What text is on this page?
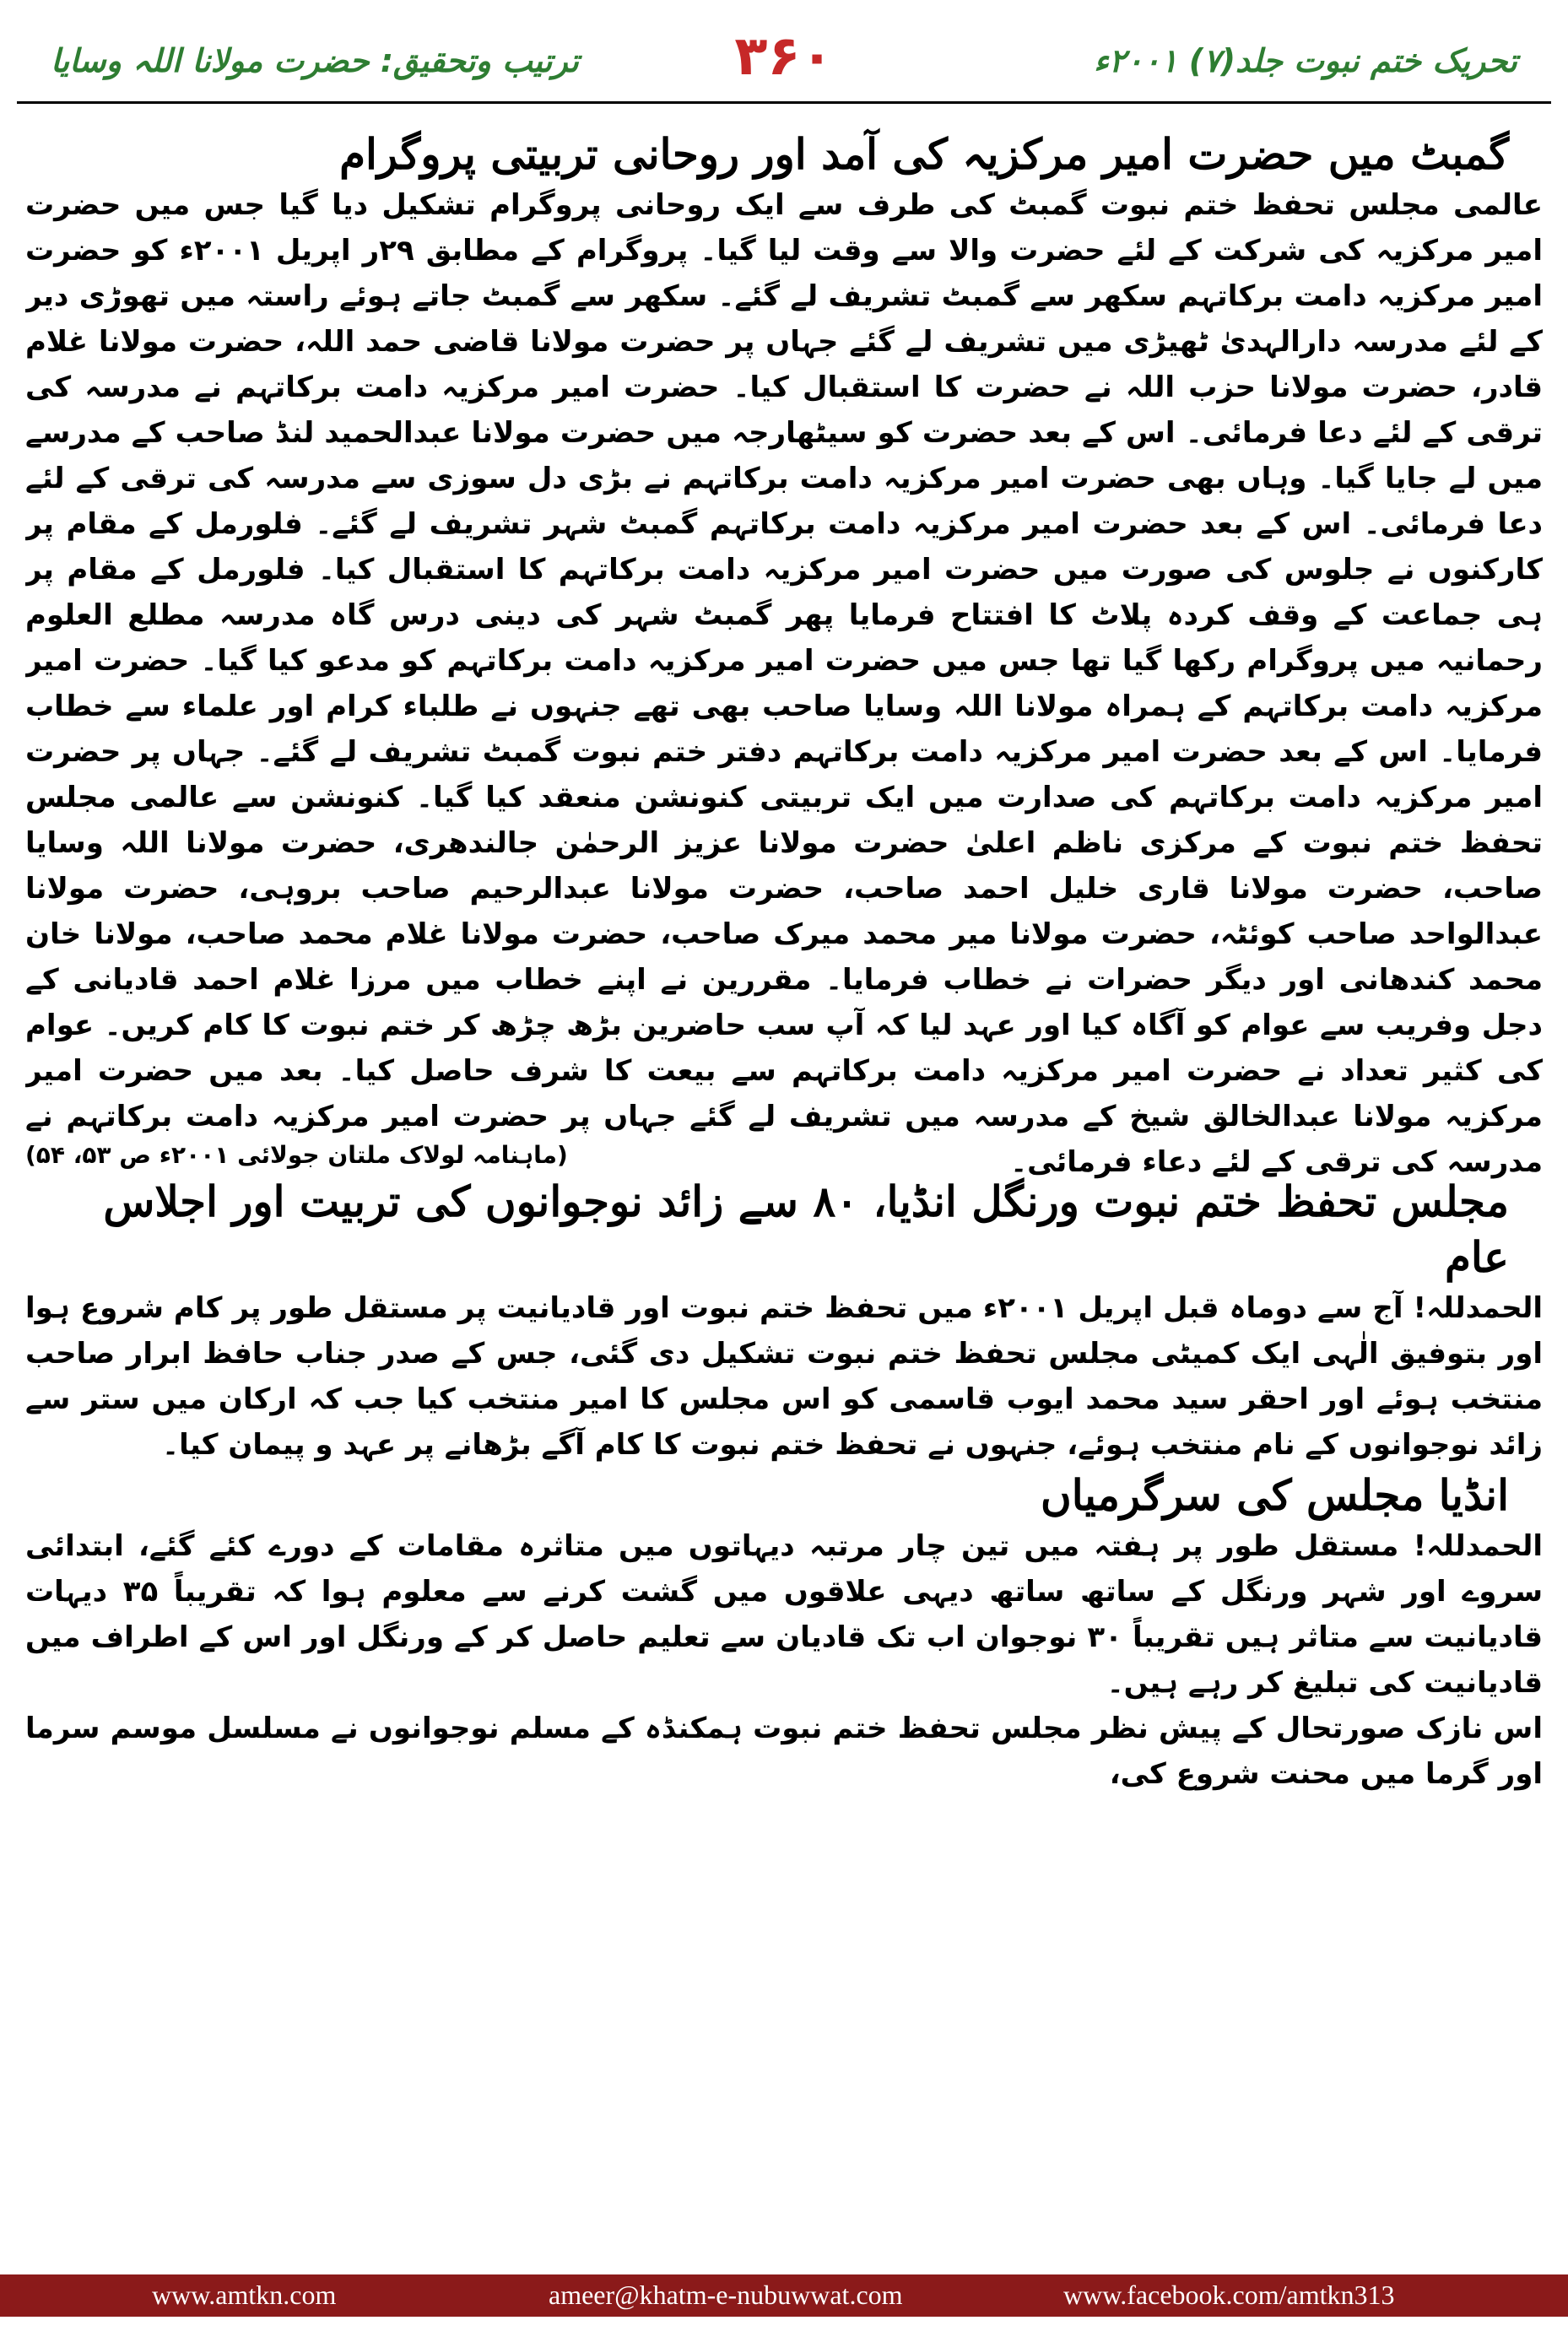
ترتیب وتحقیق: حضرت مولانا اللہ وسایا	۳۶۰	تحریک ختم نبوت جلد(۷) ۲۰۰۱ء
گمبٹ میں حضرت امیر مرکزیہ کی آمد اور روحانی تربیتی پروگرام

عالمی مجلس تحفظ ختم نبوت گمبٹ کی طرف سے ایک روحانی پروگرام تشکیل دیا گیا جس میں حضرت امیر مرکزیہ کی شرکت کے لئے حضرت والا سے وقت لیا گیا۔ پروگرام کے مطابق ۲۹ر اپریل ۲۰۰۱ء کو حضرت امیر مرکزیہ دامت برکاتہم سکھر سے گمبٹ تشریف لے گئے۔ سکھر سے گمبٹ جاتے ہوئے راستہ میں تھوڑی دیر کے لئے مدرسہ دارالہدیٰ ٹھیڑی میں تشریف لے گئے جہاں پر حضرت مولانا قاضی حمد اللہ، حضرت مولانا غلام قادر، حضرت مولانا حزب اللہ نے حضرت کا استقبال کیا۔ حضرت امیر مرکزیہ دامت برکاتہم نے مدرسہ کی ترقی کے لئے دعا فرمائی۔ اس کے بعد حضرت کو سیٹھارجہ میں حضرت مولانا عبدالحمید لنڈ صاحب کے مدرسے میں لے جایا گیا۔ وہاں بھی حضرت امیر مرکزیہ دامت برکاتہم نے بڑی دل سوزی سے مدرسہ کی ترقی کے لئے دعا فرمائی۔ اس کے بعد حضرت امیر مرکزیہ دامت برکاتہم گمبٹ شہر تشریف لے گئے۔ فلورمل کے مقام پر کارکنوں نے جلوس کی صورت میں حضرت امیر مرکزیہ دامت برکاتہم کا استقبال کیا۔ فلورمل کے مقام پر ہی جماعت کے وقف کردہ پلاٹ کا افتتاح فرمایا پھر گمبٹ شہر کی دینی درس گاہ مدرسہ مطلع العلوم رحمانیہ میں پروگرام رکھا گیا تھا جس میں حضرت امیر مرکزیہ دامت برکاتہم کو مدعو کیا گیا۔ حضرت امیر مرکزیہ دامت برکاتہم کے ہمراہ مولانا اللہ وسایا صاحب بھی تھے جنہوں نے طلباء کرام اور علماء سے خطاب فرمایا۔ اس کے بعد حضرت امیر مرکزیہ دامت برکاتہم دفتر ختم نبوت گمبٹ تشریف لے گئے۔ جہاں پر حضرت امیر مرکزیہ دامت برکاتہم کی صدارت میں ایک تربیتی کنونشن منعقد کیا گیا۔ کنونشن سے عالمی مجلس تحفظ ختم نبوت کے مرکزی ناظم اعلیٰ حضرت مولانا عزیز الرحمٰن جالندھری، حضرت مولانا اللہ وسایا صاحب، حضرت مولانا قاری خلیل احمد صاحب، حضرت مولانا عبدالرحیم صاحب بروہی، حضرت مولانا عبدالواحد صاحب کوئٹہ، حضرت مولانا میر محمد میرک صاحب، حضرت مولانا غلام محمد صاحب، مولانا خان محمد کندھانی اور دیگر حضرات نے خطاب فرمایا۔ مقررین نے اپنے خطاب میں مرزا غلام احمد قادیانی کے دجل وفریب سے عوام کو آگاہ کیا اور عہد لیا کہ آپ سب حاضرین بڑھ چڑھ کر ختم نبوت کا کام کریں۔ عوام کی کثیر تعداد نے حضرت امیر مرکزیہ دامت برکاتہم سے بیعت کا شرف حاصل کیا۔ بعد میں حضرت امیر مرکزیہ مولانا عبدالخالق شیخ کے مدرسہ میں تشریف لے گئے جہاں پر حضرت امیر مرکزیہ دامت برکاتہم نے مدرسہ کی ترقی کے لئے دعاء فرمائی۔

(ماہنامہ لولاک ملتان جولائی ۲۰۰۱ء ص ۵۳، ۵۴)
مجلس تحفظ ختم نبوت ورنگل انڈیا، ۸۰ سے زائد نوجوانوں کی تربیت اور اجلاس عام

الحمدللہ! آج سے دوماہ قبل اپریل ۲۰۰۱ء میں تحفظ ختم نبوت اور قادیانیت پر مستقل طور پر کام شروع ہوا اور بتوفیق الٰہی ایک کمیٹی مجلس تحفظ ختم نبوت تشکیل دی گئی، جس کے صدر جناب حافظ ابرار صاحب منتخب ہوئے اور احقر سید محمد ایوب قاسمی کو اس مجلس کا امیر منتخب کیا جب کہ ارکان میں ستر سے زائد نوجوانوں کے نام منتخب ہوئے، جنہوں نے تحفظ ختم نبوت کا کام آگے بڑھانے پر عہد و پیمان کیا۔

انڈیا مجلس کی سرگرمیاں

الحمدللہ! مستقل طور پر ہفتہ میں تین چار مرتبہ دیہاتوں میں متاثرہ مقامات کے دورے کئے گئے، ابتدائی سروے اور شہر ورنگل کے ساتھ ساتھ دیہی علاقوں میں گشت کرنے سے معلوم ہوا کہ تقریباً ۳۵ دیہات قادیانیت سے متاثر ہیں تقریباً ۳۰ نوجوان اب تک قادیان سے تعلیم حاصل کر کے ورنگل اور اس کے اطراف میں قادیانیت کی تبلیغ کر رہے ہیں۔

اس نازک صورتحال کے پیش نظر مجلس تحفظ ختم نبوت ہمکنڈہ کے مسلم نوجوانوں نے مسلسل موسم سرما اور گرما میں محنت شروع کی،

www.amtkn.com	ameer@khatm-e-nubuwwat.com	www.facebook.com/amtkn313
